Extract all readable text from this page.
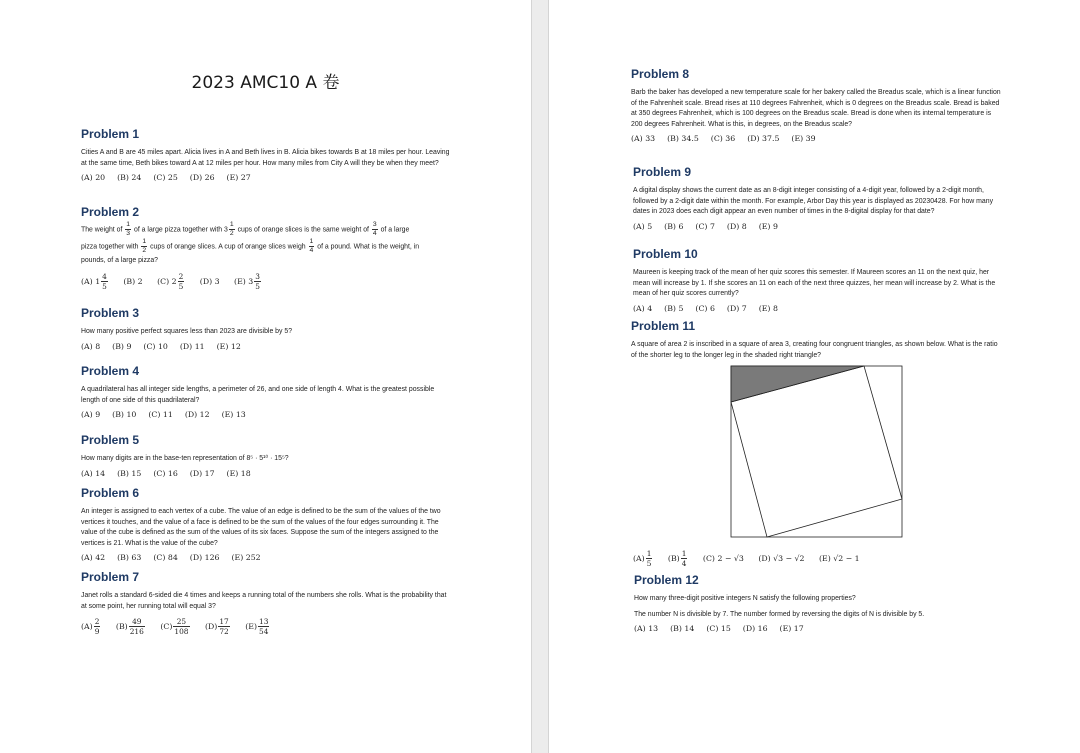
2023 AMC10 A 卷
Problem 1
Cities A and B are 45 miles apart. Alicia lives in A and Beth lives in B. Alicia bikes towards B at 18 miles per hour. Leaving at the same time, Beth bikes toward A at 12 miles per hour. How many miles from City A will they be when they meet?
(A) 20 (B) 24 (C) 25 (D) 26 (E) 27
Problem 2
The weight of $\frac{1}{3}$ of a large pizza together with $3 \frac{1}{2}$ cups of orange slices is the same weight of $\frac{3}{4}$ of a large
pizza together with $\frac{1}{2}$ cups of orange slices. A cup of orange slices weigh $\frac{1}{4}$ of a pound. What is the weight, in
pounds, of a large pizza?
(A) $1 \frac{4}{5} (B)$ 2 (C) $2 \frac{2}{5} (D)$ 3 (E) $3 \frac{3}{5}$
Problem 3
How many positive perfect squares less than 2023 are divisible by 5?
(A) 8 (B) 9 (C) 10 (D) 11 (E) 12
Problem 4
A quadrilateral has all integer side lengths, a perimeter of 26, and one side of length 4. What is the greatest possible length of one side of this quadrilateral?
(A) 9 (B) 10 (C) 11 (D) 12 (E) 13
Problem 5
How many digits are in the base-ten representation of 8⁵ · 5¹⁰ · 15⁵?
(A) 14 (B) 15 (C) 16 (D) 17 (E) 18
Problem 6
An integer is assigned to each vertex of a cube. The value of an edge is defined to be the sum of the values of the two vertices it touches, and the value of a face is defined to be the sum of the values of the four edges surrounding it. The value of the cube is defined as the sum of the values of its six faces. Suppose the sum of the integers assigned to the vertices is 21. What is the value of the cube?
(A) 42 (B) 63 (C) 84 (D) 126 (E) 252
Problem 7
Janet rolls a standard 6-sided die 4 times and keeps a running total of the numbers she rolls. What is the probability that at some point, her running total will equal 3?
$(A) \frac{2}{9} (B) \frac{49}{216} (C) \frac{25}{108} (D) \frac{17}{72} (E) \frac{13}{54}$
Problem 8
Barb the baker has developed a new temperature scale for her bakery called the Breadus scale, which is a linear function of the Fahrenheit scale. Bread rises at 110 degrees Fahrenheit, which is 0 degrees on the Breadus scale. Bread is baked at 350 degrees Fahrenheit, which is 100 degrees on the Breadus scale. Bread is done when its internal temperature is 200 degrees Fahrenheit. What is this, in degrees, on the Breadus scale?
(A) 33 (B) 34.5 (C) 36 (D) 37.5 (E) 39
Problem 9
A digital display shows the current date as an 8-digit integer consisting of a 4-digit year, followed by a 2-digit month, followed by a 2-digit date within the month. For example, Arbor Day this year is displayed as 20230428. For how many dates in 2023 does each digit appear an even number of times in the 8-digital display for that date?
(A) 5 (B) 6 (C) 7 (D) 8 (E) 9
Problem 10
Maureen is keeping track of the mean of her quiz scores this semester. If Maureen scores an 11 on the next quiz, her mean will increase by 1. If she scores an 11 on each of the next three quizzes, her mean will increase by 2. What is the mean of her quiz scores currently?
(A) 4 (B) 5 (C) 6 (D) 7 (E) 8
Problem 11
A square of area 2 is inscribed in a square of area 3, creating four congruent triangles, as shown below. What is the ratio of the shorter leg to the longer leg in the shaded right triangle?
$(A) \frac{1}{5} (B) \frac{1}{4} (C) 2 - √3$ (D) √3 − √2 (E) √2 − 1
Problem 12
How many three-digit positive integers N satisfy the following properties?
The number N is divisible by 7. The number formed by reversing the digits of N is divisible by 5.
(A) 13 (B) 14 (C) 15 (D) 16 (E) 17
